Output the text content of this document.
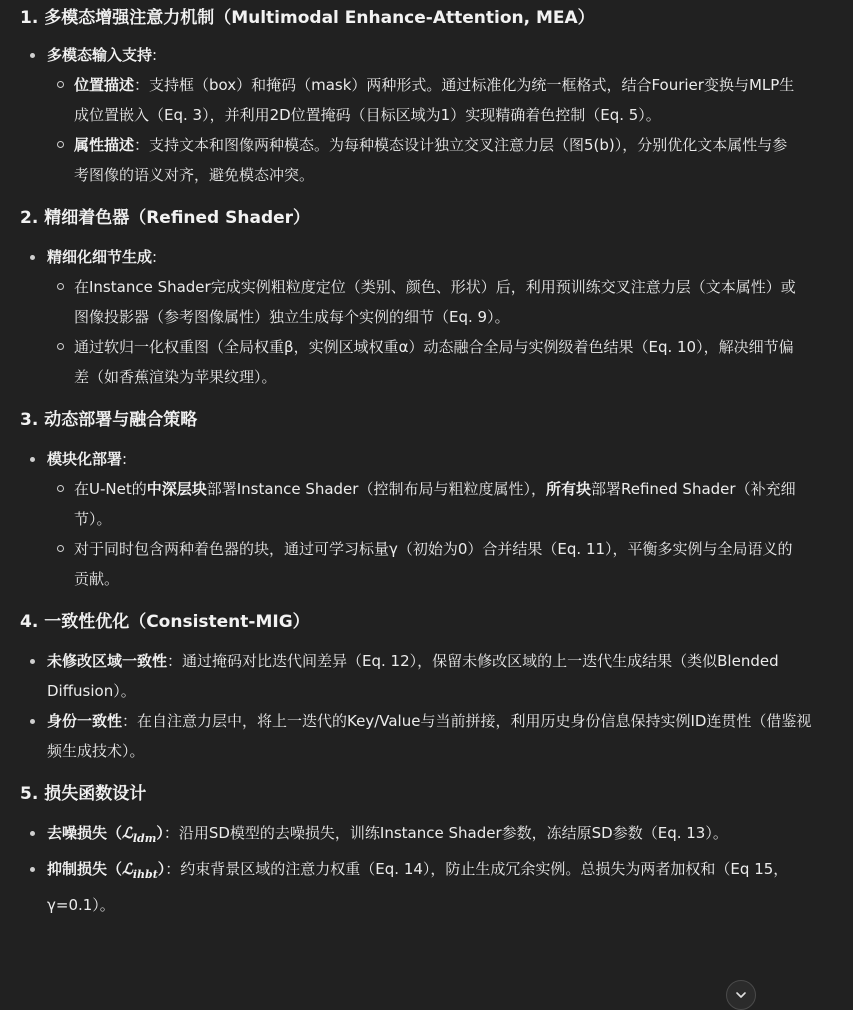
1. 多模态增强注意力机制（Multimodal Enhance-Attention, MEA）
多模态输入支持:
位置描述：支持框（box）和掩码（mask）两种形式。通过标准化为统一框格式，结合Fourier变换与MLP生成位置嵌入（Eq. 3），并利用2D位置掩码（目标区域为1）实现精确着色控制（Eq. 5）。
属性描述：支持文本和图像两种模态。为每种模态设计独立交叉注意力层（图5(b)），分别优化文本属性与参考图像的语义对齐，避免模态冲突。
2. 精细着色器（Refined Shader）
精细化细节生成:
在Instance Shader完成实例粗粒度定位（类别、颜色、形状）后，利用预训练交叉注意力层（文本属性）或图像投影器（参考图像属性）独立生成每个实例的细节（Eq. 9）。
通过软归一化权重图（全局权重β，实例区域权重α）动态融合全局与实例级着色结果（Eq. 10），解决细节偏差（如香蕉渲染为苹果纹理）。
3. 动态部署与融合策略
模块化部署:
在U-Net的中深层块部署Instance Shader（控制布局与粗粒度属性），所有块部署Refined Shader（补充细节）。
对于同时包含两种着色器的块，通过可学习标量γ（初始为0）合并结果（Eq. 11），平衡多实例与全局语义的贡献。
4. 一致性优化（Consistent-MIG）
未修改区域一致性：通过掩码对比迭代间差异（Eq. 12），保留未修改区域的上一迭代生成结果（类似Blended Diffusion）。
身份一致性：在自注意力层中，将上一迭代的Key/Value与当前拼接，利用历史身份信息保持实例ID连贯性（借鉴视频生成技术）。
5. 损失函数设计
去噪损失（ℒ$_{ldm}$）：沿用SD模型的去噪损失，训练Instance Shader参数，冻结原SD参数（Eq. 13）。
抑制损失（ℒ$_{ihbt}$）：约束背景区域的注意力权重（Eq. 14），防止生成冗余实例。总损失为两者加权和（Eq 15，γ=0.1）。
